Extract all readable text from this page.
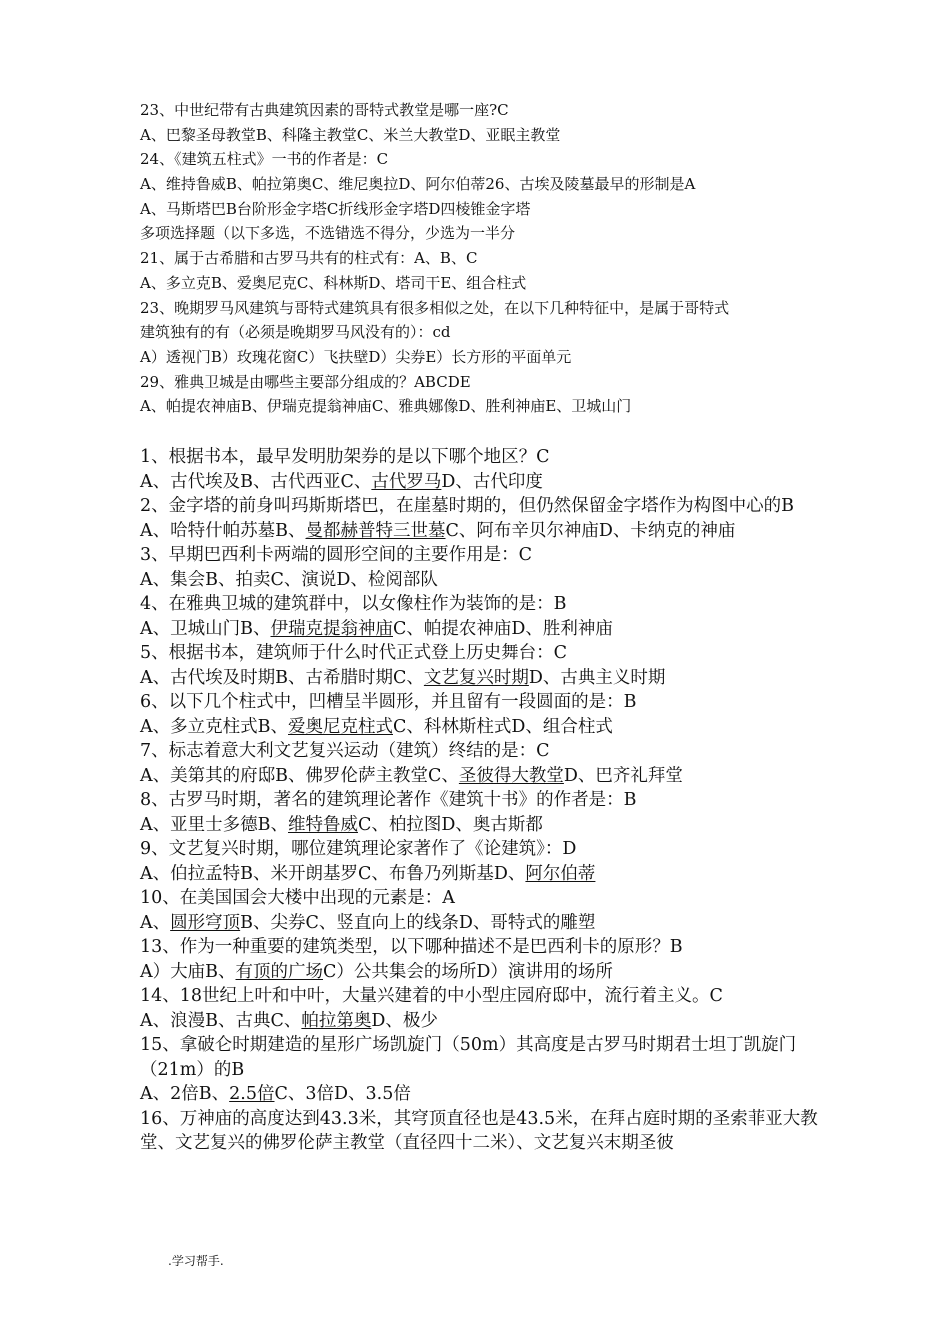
23、中世纪带有古典建筑因素的哥特式教堂是哪一座?C
A、巴黎圣母教堂B、科隆主教堂C、米兰大教堂D、亚眠主教堂
24、《建筑五柱式》一书的作者是：C
A、维持鲁威B、帕拉第奥C、维尼奥拉D、阿尔伯蒂26、古埃及陵墓最早的形制是A
A、马斯塔巴B台阶形金字塔C折线形金字塔D四棱锥金字塔
多项选择题（以下多选，不选错选不得分，少选为一半分
21、属于古希腊和古罗马共有的柱式有：A、B、C
A、多立克B、爱奥尼克C、科林斯D、塔司干E、组合柱式
23、晚期罗马风建筑与哥特式建筑具有很多相似之处，在以下几种特征中，是属于哥特式
建筑独有的有（必须是晚期罗马风没有的）：cd
A）透视门B）玫瑰花窗C）飞扶壁D）尖券E）长方形的平面单元
29、雅典卫城是由哪些主要部分组成的？ABCDE
A、帕提农神庙B、伊瑞克提翁神庙C、雅典娜像D、胜利神庙E、卫城山门
1、根据书本，最早发明肋架券的是以下哪个地区？C
A、古代埃及B、古代西亚C、古代罗马D、古代印度
2、金字塔的前身叫玛斯斯塔巴，在崖墓时期的，但仍然保留金字塔作为构图中心的B
A、哈特什帕苏墓B、曼都赫普特三世墓C、阿布辛贝尔神庙D、卡纳克的神庙
3、早期巴西利卡两端的圆形空间的主要作用是：C
A、集会B、拍卖C、演说D、检阅部队
4、在雅典卫城的建筑群中，以女像柱作为装饰的是：B
A、卫城山门B、伊瑞克提翁神庙C、帕提农神庙D、胜利神庙
5、根据书本，建筑师于什么时代正式登上历史舞台：C
A、古代埃及时期B、古希腊时期C、文艺复兴时期D、古典主义时期
6、以下几个柱式中，凹槽呈半圆形，并且留有一段圆面的是：B
A、多立克柱式B、爱奥尼克柱式C、科林斯柱式D、组合柱式
7、标志着意大利文艺复兴运动（建筑）终结的是：C
A、美第其的府邸B、佛罗伦萨主教堂C、圣彼得大教堂D、巴齐礼拜堂
8、古罗马时期，著名的建筑理论著作《建筑十书》的作者是：B
A、亚里士多德B、维特鲁威C、柏拉图D、奥古斯都
9、文艺复兴时期，哪位建筑理论家著作了《论建筑》：D
A、伯拉孟特B、米开朗基罗C、布鲁乃列斯基D、阿尔伯蒂
10、在美国国会大楼中出现的元素是：A
A、圆形穹顶B、尖券C、竖直向上的线条D、哥特式的雕塑
13、作为一种重要的建筑类型，以下哪种描述不是巴西利卡的原形？B
A）大庙B、有顶的广场C）公共集会的场所D）演讲用的场所
14、18世纪上叶和中叶，大量兴建着的中小型庄园府邸中，流行着主义。C
A、浪漫B、古典C、帕拉第奥D、极少
15、拿破仑时期建造的星形广场凯旋门（50m）其高度是古罗马时期君士坦丁凯旋门（21m）的B
A、2倍B、2.5倍C、3倍D、3.5倍
16、万神庙的高度达到43.3米，其穹顶直径也是43.5米，在拜占庭时期的圣索菲亚大教堂、文艺复兴的佛罗伦萨主教堂（直径四十二米）、文艺复兴末期圣彼
.学习帮手.
